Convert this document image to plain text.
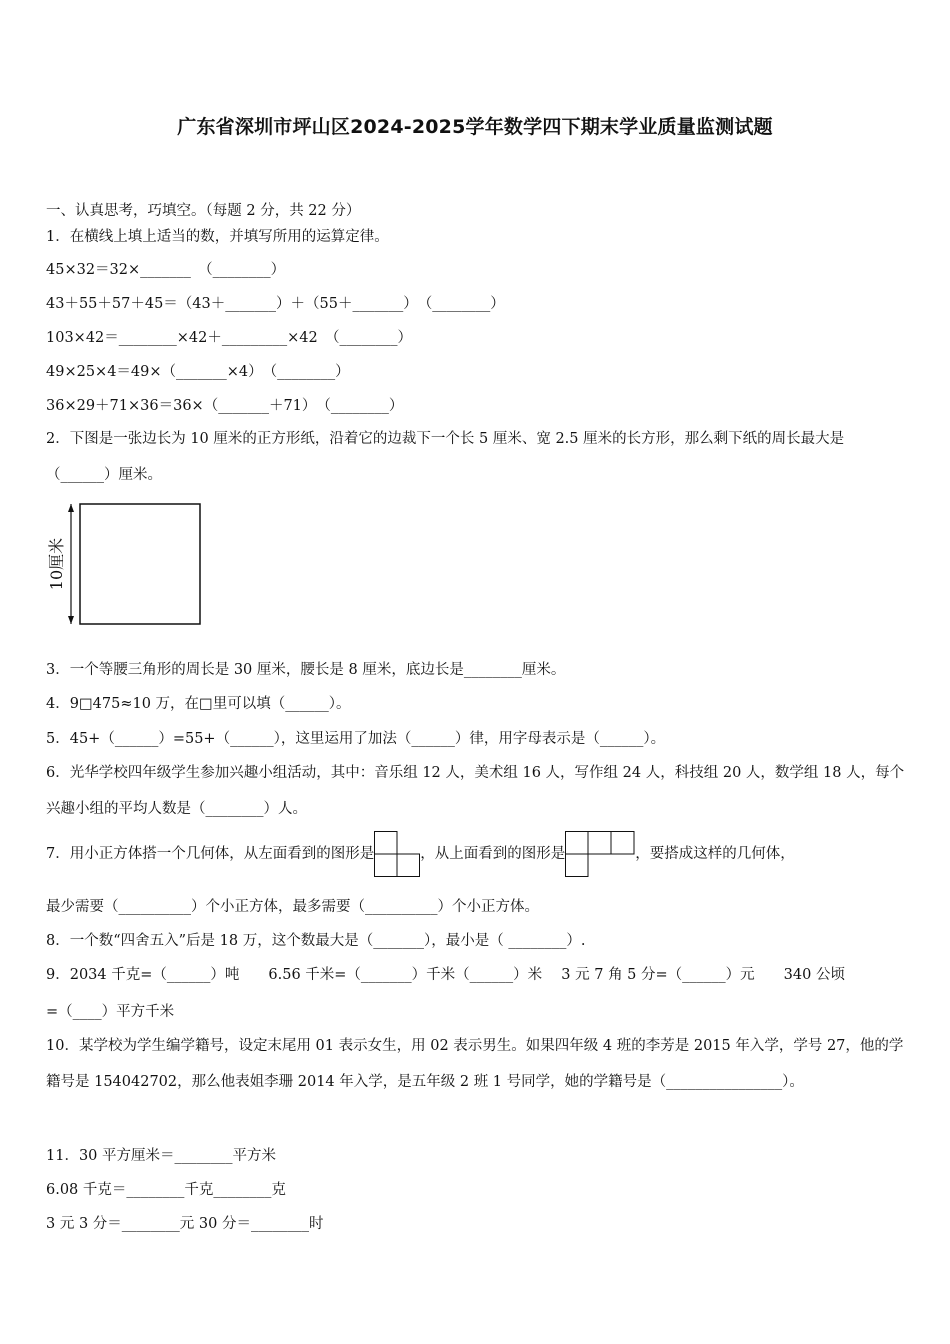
广东省深圳市坪山区2024-2025学年数学四下期末学业质量监测试题
一、认真思考，巧填空。（每题 2 分，共 22 分）
1．在横线上填上适当的数，并填写所用的运算定律。
45×32＝32×_______　（________）
43＋55＋57＋45＝（43＋_______）＋（55＋_______）　（________）
103×42＝________×42＋_________×42　（________）
49×25×4＝49×（_______×4）　（________）
36×29＋71×36＝36×（_______＋71）　（________）
2．下图是一张边长为 10 厘米的正方形纸，沿着它的边裁下一个长 5 厘米、宽 2.5 厘米的长方形，那么剩下纸的周长最大是（______）厘米。
10厘米
3．一个等腰三角形的周长是 30 厘米，腰长是 8 厘米，底边长是________厘米。
4．9□475≈10 万，在□里可以填（______）。
5．45+（______）=55+（______），这里运用了加法（______）律，用字母表示是（______）。
6．光华学校四年级学生参加兴趣小组活动，其中：音乐组 12 人，美术组 16 人，写作组 24 人，科技组 20 人，数学组 18 人，每个兴趣小组的平均人数是（________）人。
7．用小正方体搭一个几何体，从左面看到的图形是	，从上面看到的图形是	，要搭成这样的几何体，
最少需要（__________）个小正方体，最多需要（__________）个小正方体。
8．一个数“四舍五入”后是 18 万，这个数最大是（_______），最小是（ ________）.
9．2034 千克=（______）吨　　6.56 千米=（_______）千米（______）米　 3 元 7 角 5 分=（______）元　　340 公顷
=（____）平方千米
10．某学校为学生编学籍号，设定末尾用 01 表示女生，用 02 表示男生。如果四年级 4 班的李芳是 2015 年入学，学号 27，他的学籍号是 154042702，那么他表姐李珊 2014 年入学，是五年级 2 班 1 号同学，她的学籍号是（________________）。
11．30 平方厘米＝________平方米
6.08 千克＝________千克________克
3 元 3 分＝________元 30 分＝________时
